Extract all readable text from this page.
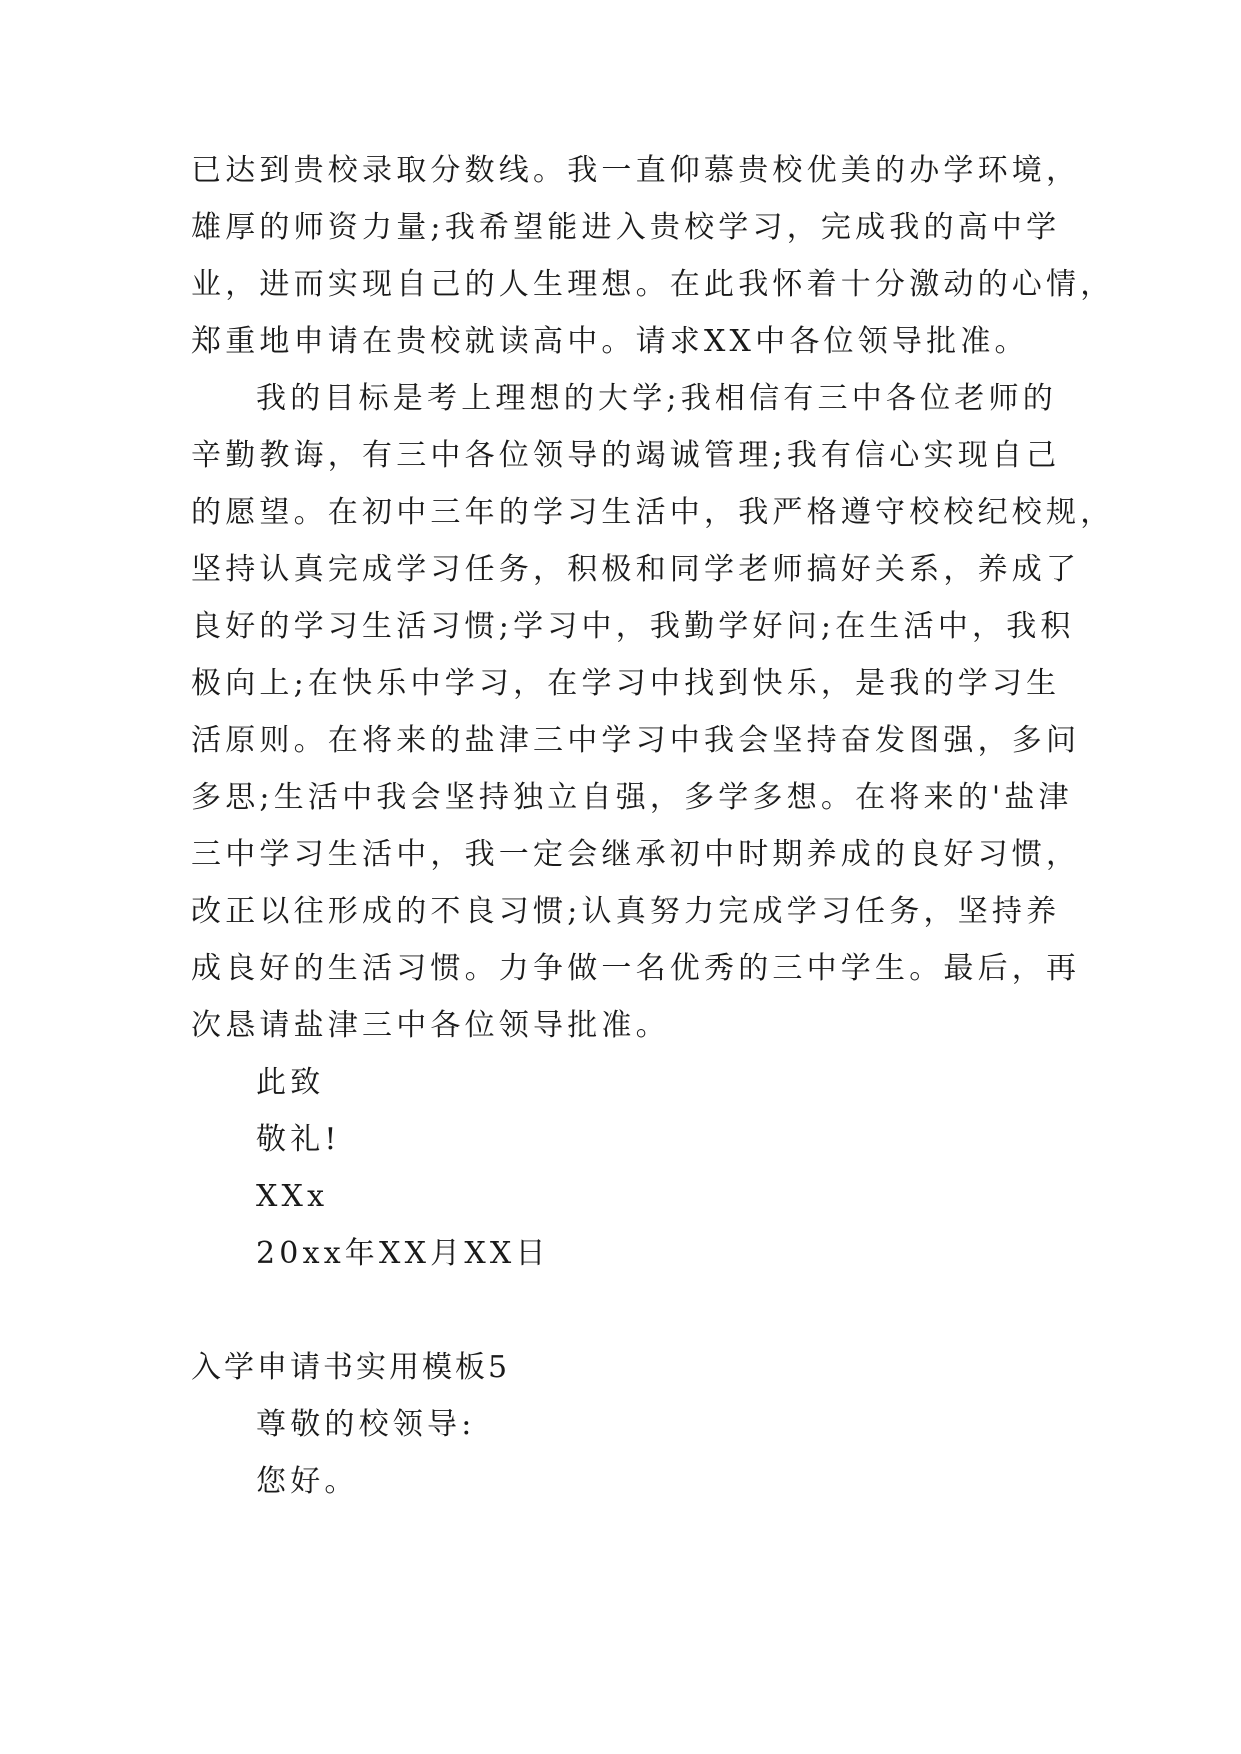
已达到贵校录取分数线。我一直仰慕贵校优美的办学环境，
雄厚的师资力量;我希望能进入贵校学习，完成我的高中学
业，进而实现自己的人生理想。在此我怀着十分激动的心情，
郑重地申请在贵校就读高中。请求XX中各位领导批准。
我的目标是考上理想的大学;我相信有三中各位老师的
辛勤教诲，有三中各位领导的竭诚管理;我有信心实现自己
的愿望。在初中三年的学习生活中，我严格遵守校校纪校规，
坚持认真完成学习任务，积极和同学老师搞好关系，养成了
良好的学习生活习惯;学习中，我勤学好问;在生活中，我积
极向上;在快乐中学习，在学习中找到快乐，是我的学习生
活原则。在将来的盐津三中学习中我会坚持奋发图强，多问
多思;生活中我会坚持独立自强，多学多想。在将来的'盐津
三中学习生活中，我一定会继承初中时期养成的良好习惯，
改正以往形成的不良习惯;认真努力完成学习任务，坚持养
成良好的生活习惯。力争做一名优秀的三中学生。最后，再
次恳请盐津三中各位领导批准。
此致
敬礼!
XXx
20xx年XX月XX日
入学申请书实用模板5
尊敬的校领导:
您好。
